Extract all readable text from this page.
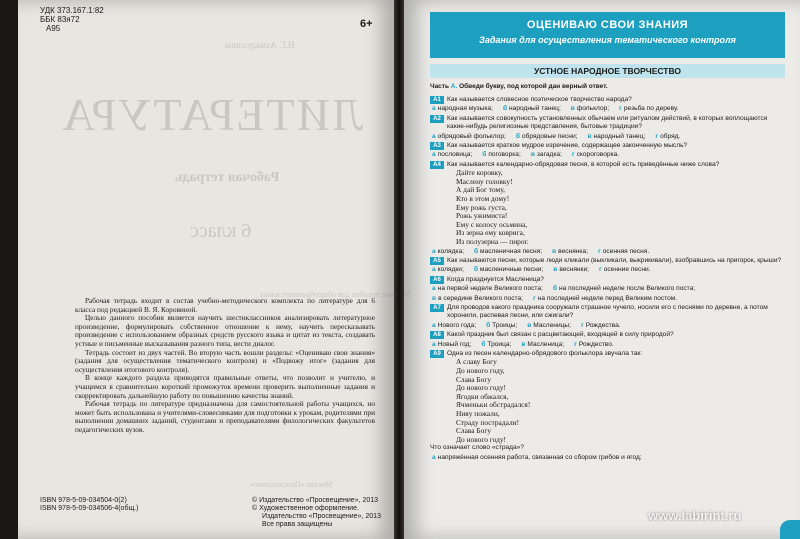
УДК 373.167.1:82
ББК 83я72
А95	6+
Н.Г. Ахмадуллина
ЛИТЕРАТУРА
Рабочая тетрадь
6 класс
Учебное пособие для общеобразовательных
Москва «Просвещение»

Рабочая тетрадь входит в состав учебно-методического комплекта по литературе для 6 класса под редакцией В. Я. Коровиной.

Целью данного пособия является научить шестиклассников анализировать литературное произведение, формулировать собственное отношение к нему, научить пересказывать произведение с использованием образных средств русского языка и цитат из текста, создавать устные и письменные высказывания разного типа, вести диалог.

Тетрадь состоит из двух частей. Во вторую часть вошли разделы: «Оцениваю свои знания» (задания для осуществления тематического контроля) и «Подвожу итог» (задания для осуществления итогового контроля).

В конце каждого раздела приводятся правильные ответы, что позволит и учителю, и учащимся в сравнительно короткий промежуток времени проверить выполненные задания и скорректировать дальнейшую работу по повышению качества знаний.

Рабочая тетрадь по литературе предназначена для самостоятельной работы учащихся, но может быть использована и учителями-словесниками для подготовки к урокам, родителями при выполнении домашних заданий, студентами и преподавателями филологических факультетов педагогических вузов.

ISBN 978-5-09-034504-0(2)
ISBN 978-5-09-034506-4(общ.)
© Издательство «Просвещение», 2013
© Художественное оформление.
Издательство «Просвещение», 2013
Все права защищены
ОЦЕНИВАЮ СВОИ ЗНАНИЯ
Задания для осуществления тематического контроля
УСТНОЕ НАРОДНОЕ ТВОРЧЕСТВО
Часть А. Обведи букву, под которой дан верный ответ.
А1 Как называется словесное поэтическое творчество народа?
а народная музыка; б народный танец; в фольклор; г резьба по дереву.
А2 Как называется совокупность установленных обычаем или ритуалом действий, в которых воплощаются какие-нибудь религиозные представления, бытовые традиции?
а обрядовый фольклор; б обрядовые песни; в народный танец; г обряд.
А3 Как называется краткое мудрое изречение, содержащее законченную мысль?
а пословица; б поговорка; в загадка; г скороговорка.
А4 Как называется календарно-обрядовая песня, в которой есть приведённые ниже слова?
Дайте коровку,
Маслену головку!
А дай Бог тому,
Кто в этом дому!
Ему рожь густа,
Рожь ужимиста!
Ему с колосу осьмина,
Из зерна ему коврига,
Из полузерна — пирог.
а колядка; б масленичная песня; в веснянка; г осенняя песня.
А5 Как называются песни, которые люди кликали (выкликали, выкрикивали), взобравшись на пригорок, крыши?
а колядки; б масленичные песни; в веснянки; г осенние песни.
А6 Когда празднуется Масленица?
а на первой неделе Великого поста; б на последней неделе после Великого поста;
в в середине Великого поста; г на последней неделе перед Великим постом.
А7 Для проводов какого праздника сооружали страшное чучело, носили его с песнями по деревне, а потом хоронили, распевая песни, или сжигали?
а Нового года; б Троицы; в Масленицы; г Рождества.
А8 Какой праздник был связан с расцветающей, входящей в силу природой?
а Новый год; б Троица; в Масленица; г Рождество.
А9 Одна из песен календарно-обрядового фольклора звучала так:
А славу Богу
До нового году,
Слава Богу
До нового году!
Ягодки обжался,
Ячменьки обстрадался!
Нияу пожали,
Страду пострадали!
Слава Богу
До нового году!
Что означает слово «страда»?
а напряжённая осенняя работа, связанная со сбором грибов и ягод;
www.labirint.ru
